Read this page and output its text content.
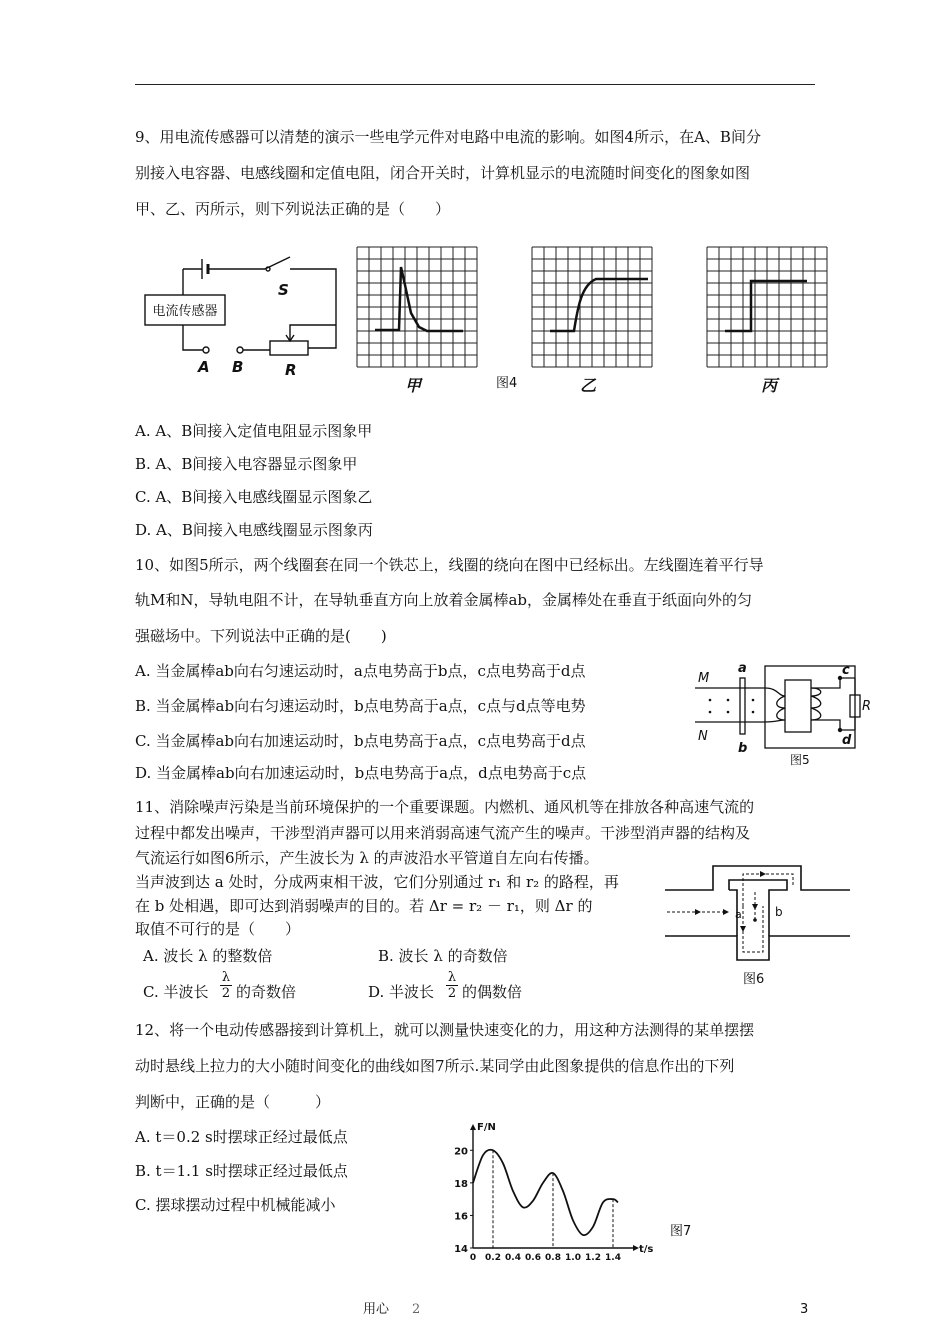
9、用电流传感器可以清楚的演示一些电学元件对电路中电流的影响。如图4所示，在A、B间分
别接入电容器、电感线圈和定值电阻，闭合开关时，计算机显示的电流随时间变化的图象如图
甲、乙、丙所示，则下列说法正确的是（　　）
电流传感器
S
A B	R
甲	乙	丙
图4
A. A、B间接入定值电阻显示图象甲
B. A、B间接入电容器显示图象甲
C. A、B间接入电感线圈显示图象乙
D. A、B间接入电感线圈显示图象丙
10、如图5所示，两个线圈套在同一个铁芯上，线圈的绕向在图中已经标出。左线圈连着平行导
轨M和N，导轨电阻不计，在导轨垂直方向上放着金属棒ab，金属棒处在垂直于纸面向外的匀
强磁场中。下列说法中正确的是(　　)
A. 当金属棒ab向右匀速运动时，a点电势高于b点，c点电势高于d点
B. 当金属棒ab向右匀速运动时，b点电势高于a点，c点与d点等电势
C. 当金属棒ab向右加速运动时，b点电势高于a点，c点电势高于d点
D. 当金属棒ab向右加速运动时，b点电势高于a点，d点电势高于c点
M
N
a
b
c
d
R
图5
11、消除噪声污染是当前环境保护的一个重要课题。内燃机、通风机等在排放各种高速气流的
过程中都发出噪声，干涉型消声器可以用来消弱高速气流产生的噪声。干涉型消声器的结构及
气流运行如图6所示，产生波长为 λ 的声波沿水平管道自左向右传播。
当声波到达 a 处时，分成两束相干波，它们分别通过 r₁ 和 r₂ 的路程，再
在 b 处相遇，即可达到消弱噪声的目的。若 Δr = r₂ － r₁，则 Δr 的
取值不可行的是（　　）
A. 波长 λ 的整数倍	B. 波长 λ 的奇数倍
C. 半波长 $\frac{\lambda}{2}$ 的奇数倍	D. 半波长 $\frac{\lambda}{2}$ 的偶数倍
a	b
图6
12、将一个电动传感器接到计算机上，就可以测量快速变化的力，用这种方法测得的某单摆摆
动时悬线上拉力的大小随时间变化的曲线如图7所示.某同学由此图象提供的信息作出的下列
判断中，正确的是（　　　）
A. t＝0.2 s时摆球正经过最低点
B. t＝1.1 s时摆球正经过最低点
C. 摆球摆动过程中机械能减小
t/s
F/N
14
16
18
20
0 0.2 0.4 0.6 0.8 1.0 1.2 1.4
图7
用心 2	3
